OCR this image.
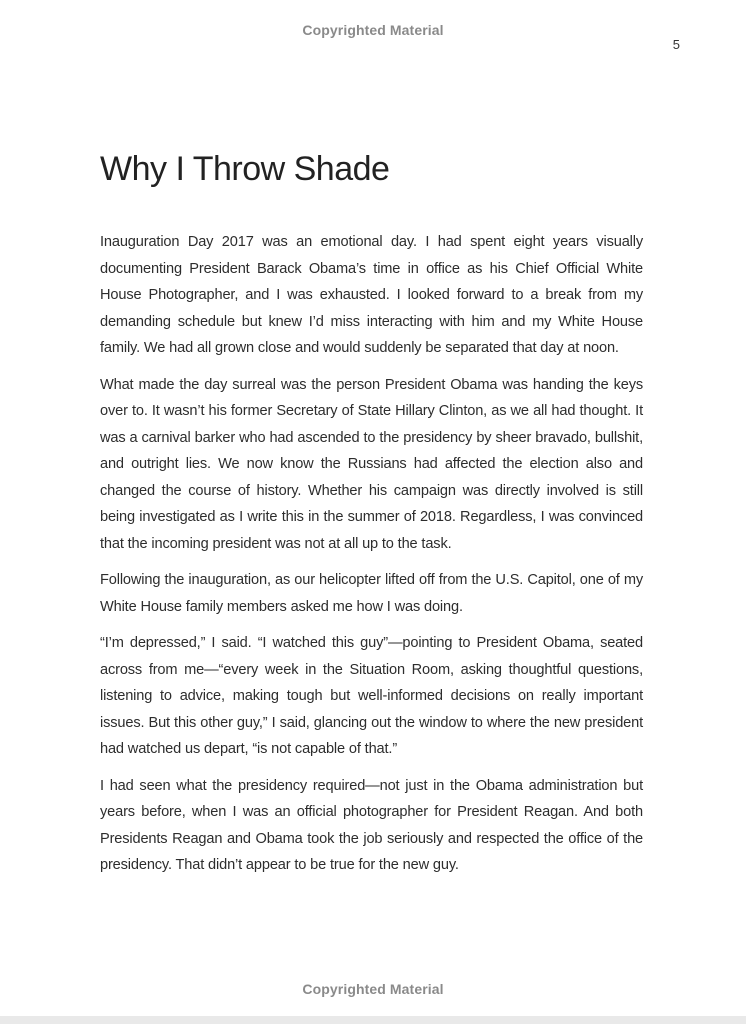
Copyrighted Material
5
Why I Throw Shade

Inauguration Day 2017 was an emotional day. I had spent eight years visually documenting President Barack Obama’s time in office as his Chief Official White House Photographer, and I was exhausted. I looked forward to a break from my demanding schedule but knew I’d miss interacting with him and my White House family. We had all grown close and would suddenly be separated that day at noon.

What made the day surreal was the person President Obama was handing the keys over to. It wasn’t his former Secretary of State Hillary Clinton, as we all had thought. It was a carnival barker who had ascended to the presidency by sheer bravado, bullshit, and outright lies. We now know the Russians had affected the election also and changed the course of history. Whether his campaign was directly involved is still being investigated as I write this in the summer of 2018. Regardless, I was convinced that the incoming president was not at all up to the task.

Following the inauguration, as our helicopter lifted off from the U.S. Capitol, one of my White House family members asked me how I was doing.

“I’m depressed,” I said. “I watched this guy”—pointing to President Obama, seated across from me—“every week in the Situation Room, asking thoughtful questions, listening to advice, making tough but well-informed decisions on really important issues. But this other guy,” I said, glancing out the window to where the new president had watched us depart, “is not capable of that.”

I had seen what the presidency required—not just in the Obama administration but years before, when I was an official photographer for President Reagan. And both Presidents Reagan and Obama took the job seriously and respected the office of the presidency. That didn’t appear to be true for the new guy.

Copyrighted Material
